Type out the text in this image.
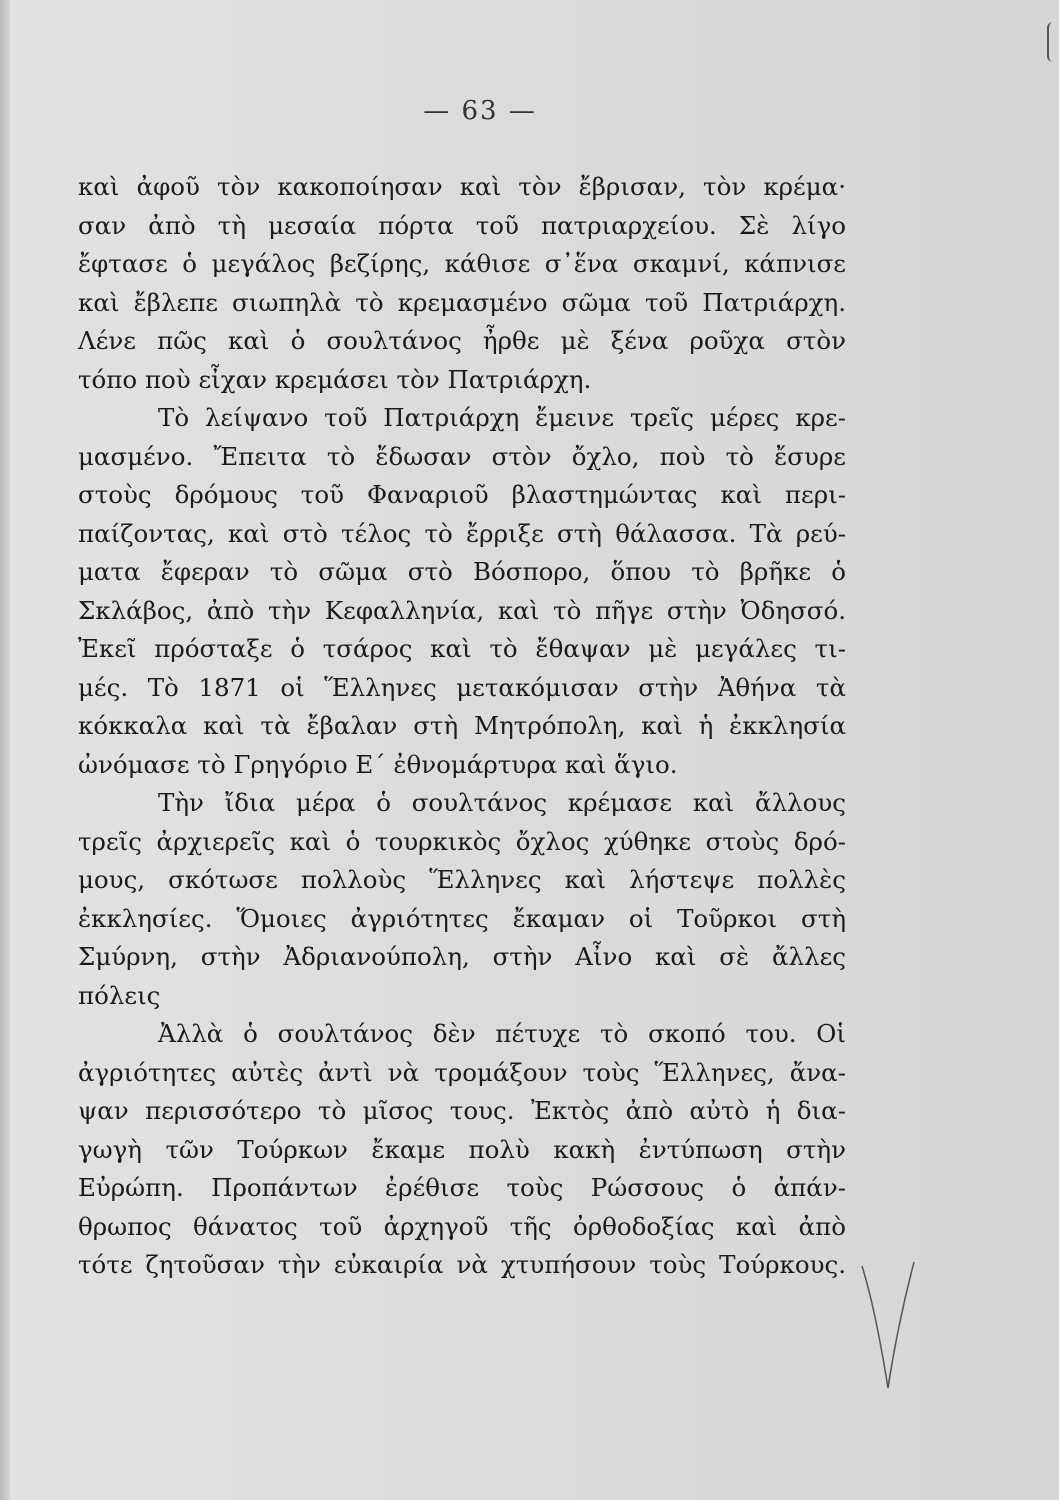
— 63 —
καὶ ἀφοῦ τὸν κακοποίησαν καὶ τὸν ἔβρισαν, τὸν κρέμα·
σαν ἀπὸ τὴ μεσαία πόρτα τοῦ πατριαρχείου. Σὲ λίγο
ἔφτασε ὁ μεγάλος βεζίρης, κάθισε σ᾽ἕνα σκαμνί, κάπνισε
καὶ ἔβλεπε σιωπηλὰ τὸ κρεμασμένο σῶμα τοῦ Πατριάρχη.
Λένε πῶς καὶ ὁ σουλτάνος ἦρθε μὲ ξένα ροῦχα στὸν
τόπο ποὺ εἶχαν κρεμάσει τὸν Πατριάρχη.
Τὸ λείψανο τοῦ Πατριάρχη ἔμεινε τρεῖς μέρες κρε-
μασμένο. Ἔπειτα τὸ ἔδωσαν στὸν ὄχλο, ποὺ τὸ ἔσυρε
στοὺς δρόμους τοῦ Φαναριοῦ βλαστημώντας καὶ περι-
παίζοντας, καὶ στὸ τέλος τὸ ἔρριξε στὴ θάλασσα. Τὰ ρεύ-
ματα ἔφεραν τὸ σῶμα στὸ Βόσπορο, ὅπου τὸ βρῆκε ὁ
Σκλάβος, ἀπὸ τὴν Κεφαλληνία, καὶ τὸ πῆγε στὴν Ὀδησσό.
Ἐκεῖ πρόσταξε ὁ τσάρος καὶ τὸ ἔθαψαν μὲ μεγάλες τι-
μές. Τὸ 1871 οἱ Ἕλληνες μετακόμισαν στὴν Ἀθήνα τὰ
κόκκαλα καὶ τὰ ἔβαλαν στὴ Μητρόπολη, καὶ ἡ ἐκκλησία
ὠνόμασε τὸ Γρηγόριο Ε΄ ἐθνομάρτυρα καὶ ἅγιο.
Τὴν ἴδια μέρα ὁ σουλτάνος κρέμασε καὶ ἄλλους
τρεῖς ἀρχιερεῖς καὶ ὁ τουρκικὸς ὄχλος χύθηκε στοὺς δρό-
μους, σκότωσε πολλοὺς Ἕλληνες καὶ λήστεψε πολλὲς
ἐκκλησίες. Ὅμοιες ἀγριότητες ἔκαμαν οἱ Τοῦρκοι στὴ
Σμύρνη, στὴν Ἀδριανούπολη, στὴν Αἶνο καὶ σὲ ἄλλες
πόλεις
Ἀλλὰ ὁ σουλτάνος δὲν πέτυχε τὸ σκοπό του. Οἱ
ἀγριότητες αὐτὲς ἀντὶ νὰ τρομάξουν τοὺς Ἕλληνες, ἄνα-
ψαν περισσότερο τὸ μῖσος τους. Ἐκτὸς ἀπὸ αὐτὸ ἡ δια-
γωγὴ τῶν Τούρκων ἔκαμε πολὺ κακὴ ἐντύπωση στὴν
Εὐρώπη. Προπάντων ἐρέθισε τοὺς Ρώσσους ὁ ἀπάν-
θρωπος θάνατος τοῦ ἀρχηγοῦ τῆς ὀρθοδοξίας καὶ ἀπὸ
τότε ζητοῦσαν τὴν εὐκαιρία νὰ χτυπήσουν τοὺς Τούρκους.
